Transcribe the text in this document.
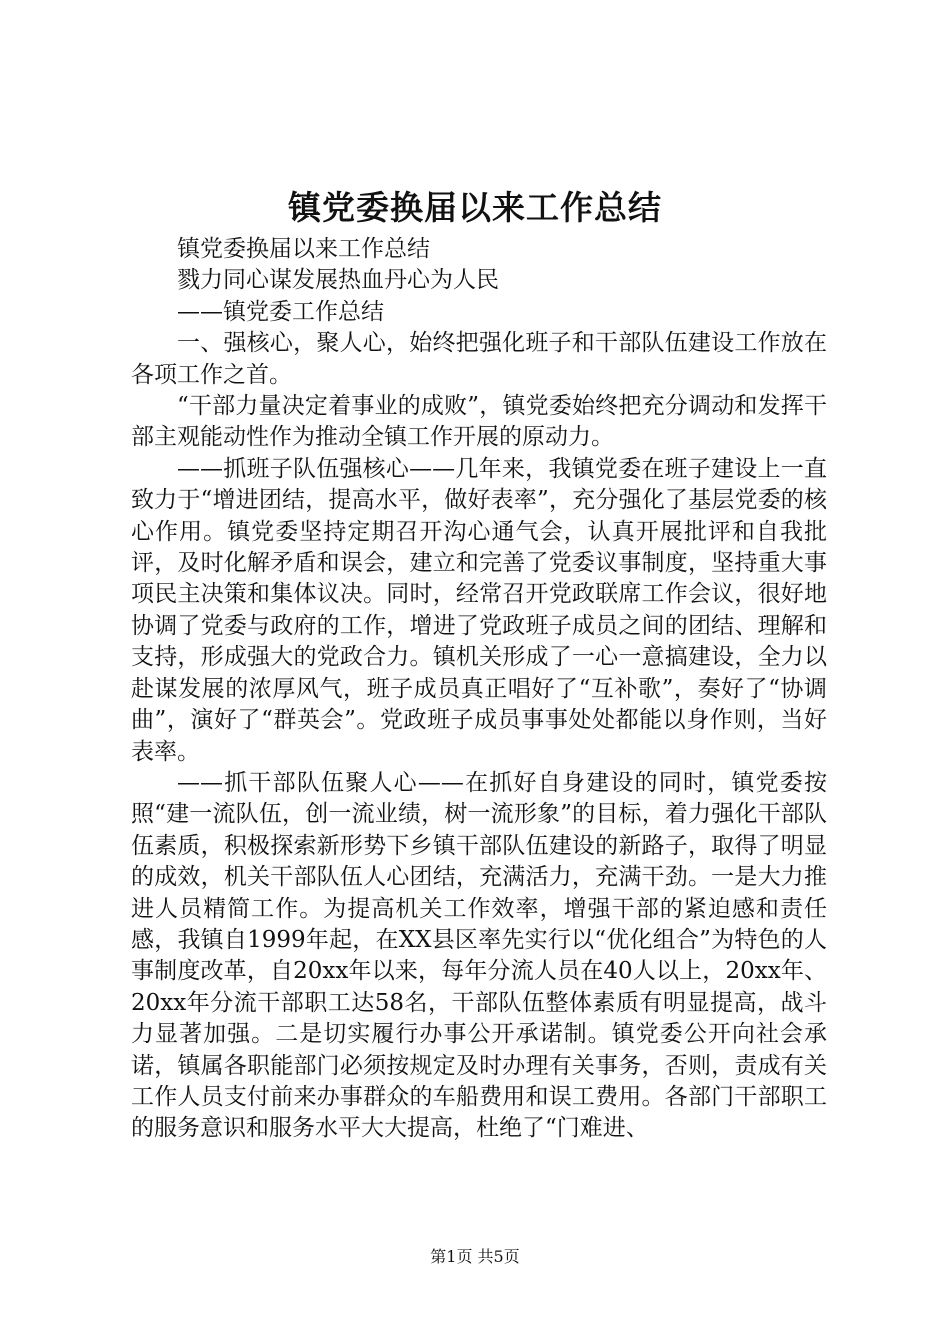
镇党委换届以来工作总结

镇党委换届以来工作总结

戮力同心谋发展热血丹心为人民

——镇党委工作总结

一、强核心，聚人心，始终把强化班子和干部队伍建设工作放在各项工作之首。

“干部力量决定着事业的成败”，镇党委始终把充分调动和发挥干部主观能动性作为推动全镇工作开展的原动力。

——抓班子队伍强核心——几年来，我镇党委在班子建设上一直致力于“增进团结，提高水平，做好表率”，充分强化了基层党委的核心作用。镇党委坚持定期召开沟心通气会，认真开展批评和自我批评，及时化解矛盾和误会，建立和完善了党委议事制度，坚持重大事项民主决策和集体议决。同时，经常召开党政联席工作会议，很好地协调了党委与政府的工作，增进了党政班子成员之间的团结、理解和支持，形成强大的党政合力。镇机关形成了一心一意搞建设，全力以赴谋发展的浓厚风气，班子成员真正唱好了“互补歌”，奏好了“协调曲”，演好了“群英会”。党政班子成员事事处处都能以身作则，当好表率。

——抓干部队伍聚人心——在抓好自身建设的同时，镇党委按照“建一流队伍，创一流业绩，树一流形象”的目标，着力强化干部队伍素质，积极探索新形势下乡镇干部队伍建设的新路子，取得了明显的成效，机关干部队伍人心团结，充满活力，充满干劲。一是大力推进人员精简工作。为提高机关工作效率，增强干部的紧迫感和责任感，我镇自1999年起，在XX县区率先实行以“优化组合”为特色的人事制度改革，自20xx年以来，每年分流人员在40人以上，20xx年、20xx年分流干部职工达58名，干部队伍整体素质有明显提高，战斗力显著加强。二是切实履行办事公开承诺制。镇党委公开向社会承诺，镇属各职能部门必须按规定及时办理有关事务，否则，责成有关工作人员支付前来办事群众的车船费用和误工费用。各部门干部职工的服务意识和服务水平大大提高，杜绝了“门难进、

第1页 共5页
